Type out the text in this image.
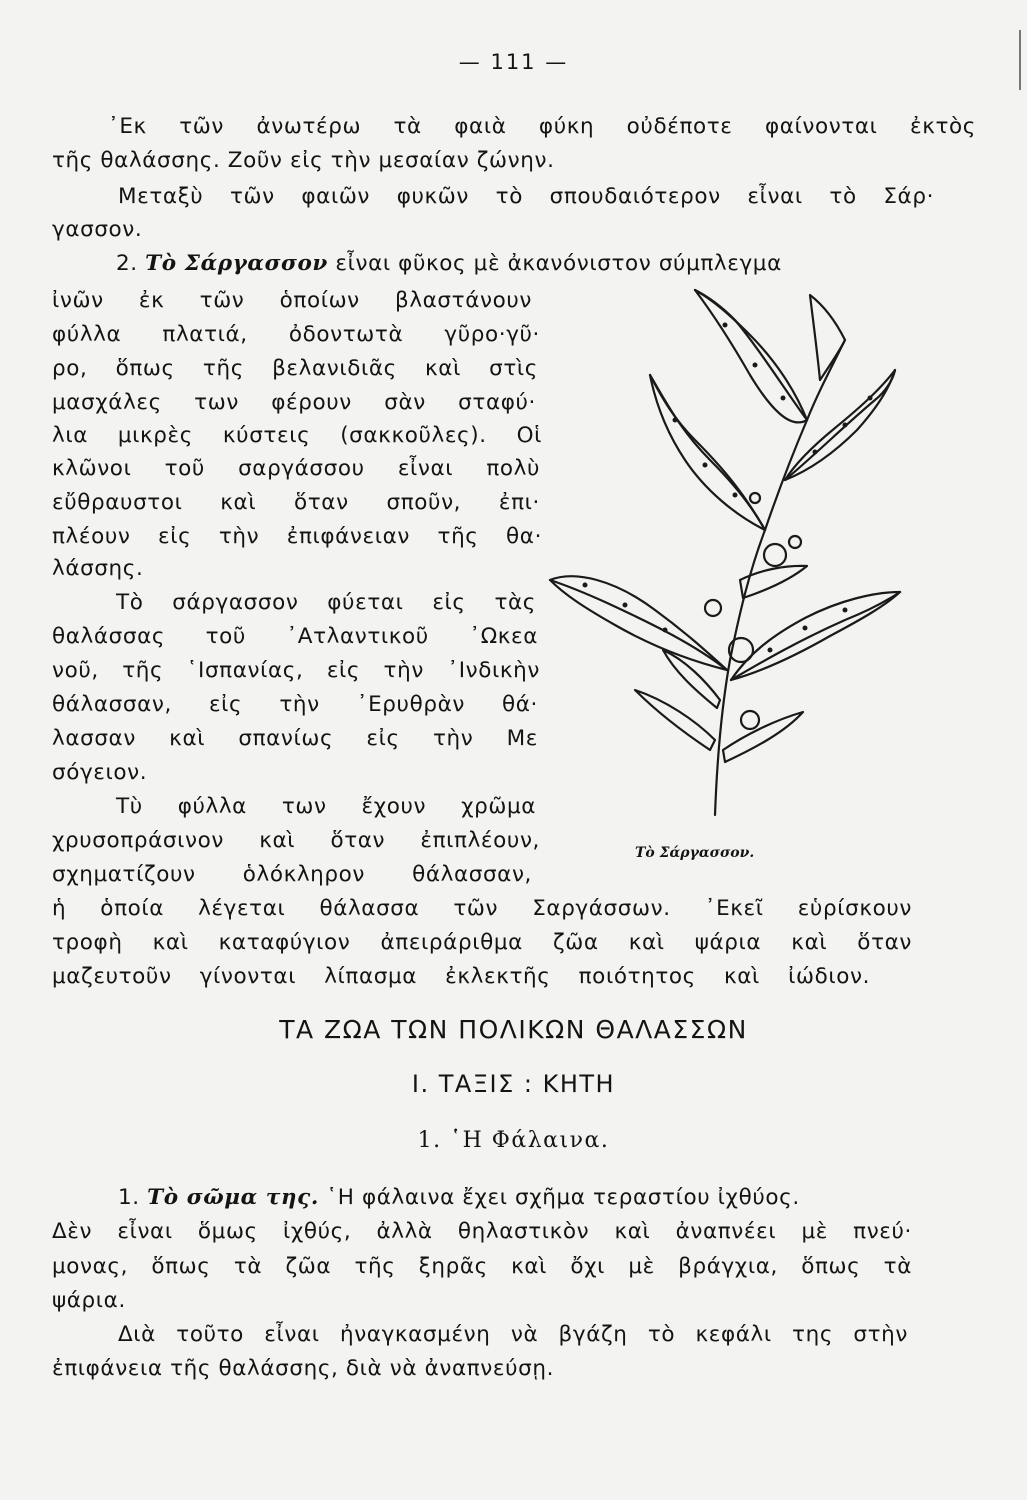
— 111 —
᾿Εκ τῶν ἀνωτέρω τὰ φαιὰ φύκη οὐδέποτε φαίνονται ἐκτὸς
τῆς θαλάσσης. Ζοῦν εἰς τὴν μεσαίαν ζώνην.
Μεταξὺ τῶν φαιῶν φυκῶν τὸ σπουδαιότερον εἶναι τὸ Σάρ·
γασσον.
2. Τὸ Σάργασσον εἶναι φῦκος μὲ ἀκανόνιστον σύμπλεγμα
ἰνῶν ἐκ τῶν ὁποίων βλαστάνουν
φύλλα πλατιά, ὀδοντωτὰ γῦρο·γῦ·
ρο, ὅπως τῆς βελανιδιᾶς καὶ στὶς
μασχάλες των φέρουν σὰν σταφύ·
λια μικρὲς κύστεις (σακκοῦλες). Οἱ
κλῶνοι τοῦ σαργάσσου εἶναι πολὺ
εὔθραυστοι καὶ ὅταν σποῦν, ἐπι·
πλέουν εἰς τὴν ἐπιφάνειαν τῆς θα·
λάσσης.
Τὸ σάργασσον φύεται εἰς τὰς
θαλάσσας τοῦ ᾿Ατλαντικοῦ ᾿Ωκεα
νοῦ, τῆς ῾Ισπανίας, εἰς τὴν ᾿Ινδικὴν
θάλασσαν, εἰς τὴν ᾿Ερυθρὰν θά·
λασσαν καὶ σπανίως εἰς τὴν Με
σόγειον.
Τὺ φύλλα των ἔχουν χρῶμα
χρυσοπράσινον καὶ ὅταν ἐπιπλέουν,
σχηματίζουν ὁλόκληρον θάλασσαν,
ἡ ὁποία λέγεται θάλασσα τῶν Σαργάσσων. ᾿Εκεῖ εὑρίσκουν
τροφὴ καὶ καταφύγιον ἀπειράριθμα ζῶα καὶ ψάρια καὶ ὅταν
μαζευτοῦν γίνονται λίπασμα ἐκλεκτῆς ποιότητος καὶ ἰώδιον.
Τὸ Σάργασσον.
ΤΑ ΖΩΑ ΤΩΝ ΠΟΛΙΚΩΝ ΘΑΛΑΣΣΩΝ
Ι. ΤΑΞΙΣ : ΚΗΤΗ
1. ῾Η Φάλαινα.
1. Τὸ σῶμα της. ῾Η φάλαινα ἔχει σχῆμα τεραστίου ἰχθύος.
Δὲν εἶναι ὅμως ἰχθύς, ἀλλὰ θηλαστικὸν καὶ ἀναπνέει μὲ πνεύ·
μονας, ὅπως τὰ ζῶα τῆς ξηρᾶς καὶ ὄχι μὲ βράγχια, ὅπως τὰ
ψάρια.
Διὰ τοῦτο εἶναι ἠναγκασμένη νὰ βγάζη τὸ κεφάλι της στὴν
ἐπιφάνεια τῆς θαλάσσης, διὰ νὰ ἀναπνεύσῃ.
